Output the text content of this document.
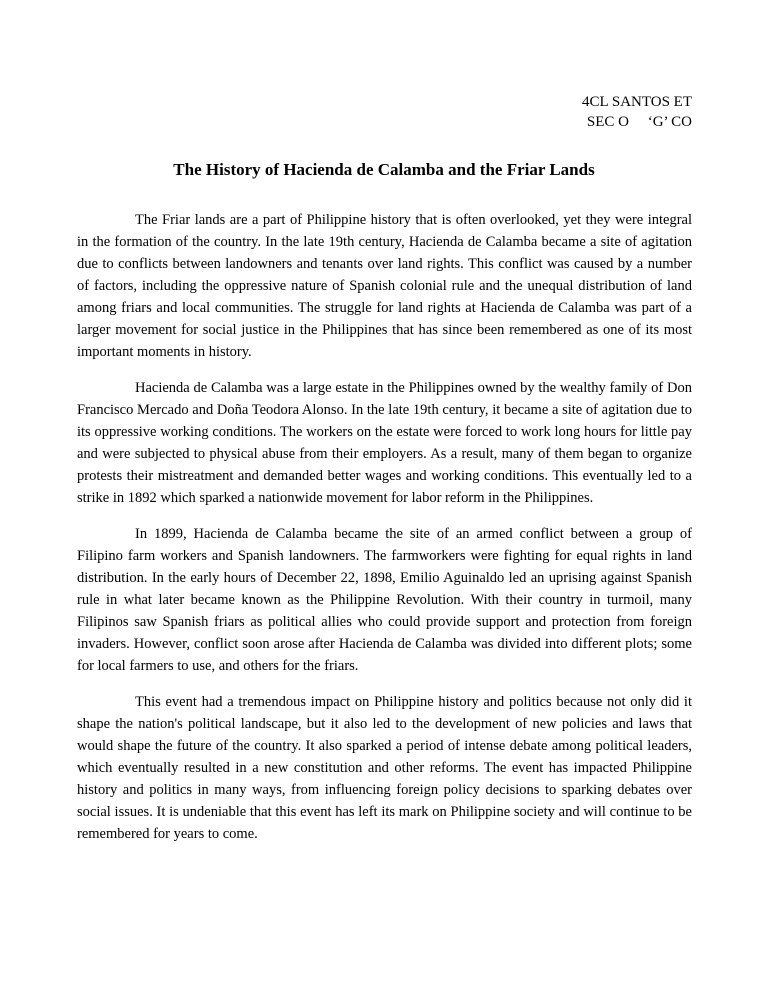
4CL SANTOS ET
SEC O     ‘G’ CO
The History of Hacienda de Calamba and the Friar Lands

The Friar lands are a part of Philippine history that is often overlooked, yet they were integral in the formation of the country. In the late 19th century, Hacienda de Calamba became a site of agitation due to conflicts between landowners and tenants over land rights. This conflict was caused by a number of factors, including the oppressive nature of Spanish colonial rule and the unequal distribution of land among friars and local communities. The struggle for land rights at Hacienda de Calamba was part of a larger movement for social justice in the Philippines that has since been remembered as one of its most important moments in history.

Hacienda de Calamba was a large estate in the Philippines owned by the wealthy family of Don Francisco Mercado and Doña Teodora Alonso. In the late 19th century, it became a site of agitation due to its oppressive working conditions. The workers on the estate were forced to work long hours for little pay and were subjected to physical abuse from their employers. As a result, many of them began to organize protests their mistreatment and demanded better wages and working conditions. This eventually led to a strike in 1892 which sparked a nationwide movement for labor reform in the Philippines.

In 1899, Hacienda de Calamba became the site of an armed conflict between a group of Filipino farm workers and Spanish landowners. The farmworkers were fighting for equal rights in land distribution. In the early hours of December 22, 1898, Emilio Aguinaldo led an uprising against Spanish rule in what later became known as the Philippine Revolution. With their country in turmoil, many Filipinos saw Spanish friars as political allies who could provide support and protection from foreign invaders. However, conflict soon arose after Hacienda de Calamba was divided into different plots; some for local farmers to use, and others for the friars.

This event had a tremendous impact on Philippine history and politics because not only did it shape the nation's political landscape, but it also led to the development of new policies and laws that would shape the future of the country. It also sparked a period of intense debate among political leaders, which eventually resulted in a new constitution and other reforms. The event has impacted Philippine history and politics in many ways, from influencing foreign policy decisions to sparking debates over social issues. It is undeniable that this event has left its mark on Philippine society and will continue to be remembered for years to come.
